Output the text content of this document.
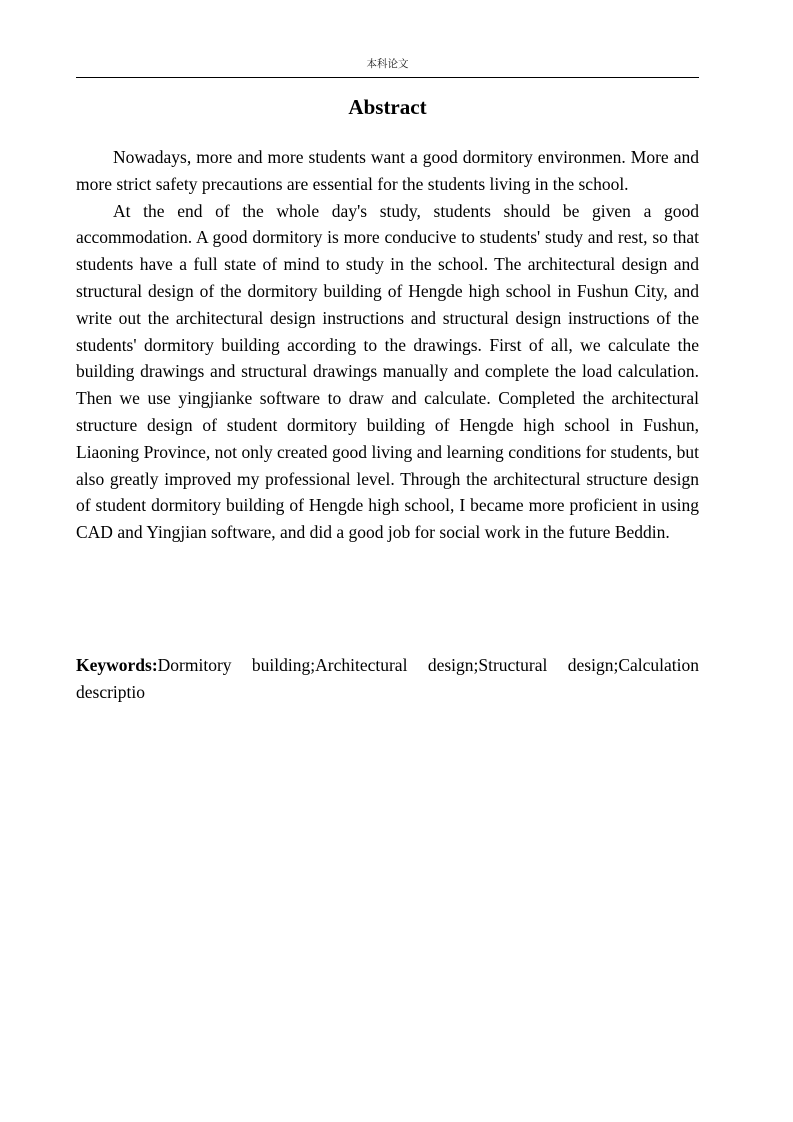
本科论文
Abstract

Nowadays, more and more students want a good dormitory environmen. More and more strict safety precautions are essential for the students living in the school.

At the end of the whole day's study, students should be given a good accommodation. A good dormitory is more conducive to students' study and rest, so that students have a full state of mind to study in the school. The architectural design and structural design of the dormitory building of Hengde high school in Fushun City, and write out the architectural design instructions and structural design instructions of the students' dormitory building according to the drawings. First of all, we calculate the building drawings and structural drawings manually and complete the load calculation. Then we use yingjianke software to draw and calculate. Completed the architectural structure design of student dormitory building of Hengde high school in Fushun, Liaoning Province, not only created good living and learning conditions for students, but also greatly improved my professional level. Through the architectural structure design of student dormitory building of Hengde high school, I became more proficient in using CAD and Yingjian software, and did a good job for social work in the future Beddin.

Keywords:Dormitory building;Architectural design;Structural design;Calculation descriptio
